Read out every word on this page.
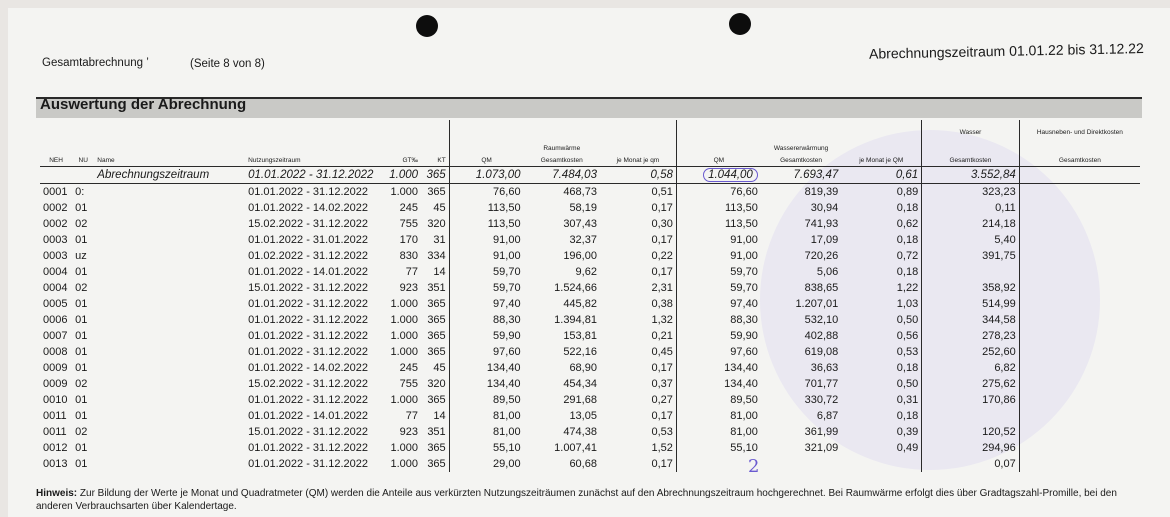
Gesamtabrechnung ’	(Seite 8 von 8)
Abrechnungszeitraum 01.01.22 bis 31.12.22
Auswertung der Abrechnung
												Wasser	Hausneben- und Direktkosten
							Raumwärme			Wassererwärmung			
NEH	NU	Name	Nutzungszeitraum	GT‰	KT	QM	Gesamtkosten	je Monat je qm	QM	Gesamtkosten	je Monat je QM	Gesamtkosten	Gesamtkosten
		Abrechnungszeitraum	01.01.2022 - 31.12.2022	1.000	365	1.073,00	7.484,03	0,58	1.044,00	7.693,47	0,61	3.552,84	
0001	0:		01.01.2022 - 31.12.2022	1.000	365	76,60	468,73	0,51	76,60	819,39	0,89	323,23	
0002	01		01.01.2022 - 14.02.2022	245	45	113,50	58,19	0,17	113,50	30,94	0,18	0,11	
0002	02		15.02.2022 - 31.12.2022	755	320	113,50	307,43	0,30	113,50	741,93	0,62	214,18	
0003	01		01.01.2022 - 31.01.2022	170	31	91,00	32,37	0,17	91,00	17,09	0,18	5,40	
0003	uz		01.02.2022 - 31.12.2022	830	334	91,00	196,00	0,22	91,00	720,26	0,72	391,75	
0004	01		01.01.2022 - 14.01.2022	77	14	59,70	9,62	0,17	59,70	5,06	0,18		
0004	02		15.01.2022 - 31.12.2022	923	351	59,70	1.524,66	2,31	59,70	838,65	1,22	358,92	
0005	01		01.01.2022 - 31.12.2022	1.000	365	97,40	445,82	0,38	97,40	1.207,01	1,03	514,99	
0006	01		01.01.2022 - 31.12.2022	1.000	365	88,30	1.394,81	1,32	88,30	532,10	0,50	344,58	
0007	01		01.01.2022 - 31.12.2022	1.000	365	59,90	153,81	0,21	59,90	402,88	0,56	278,23	
0008	01		01.01.2022 - 31.12.2022	1.000	365	97,60	522,16	0,45	97,60	619,08	0,53	252,60	
0009	01		01.01.2022 - 14.02.2022	245	45	134,40	68,90	0,17	134,40	36,63	0,18	6,82	
0009	02		15.02.2022 - 31.12.2022	755	320	134,40	454,34	0,37	134,40	701,77	0,50	275,62	
0010	01		01.01.2022 - 31.12.2022	1.000	365	89,50	291,68	0,27	89,50	330,72	0,31	170,86	
0011	01		01.01.2022 - 14.01.2022	77	14	81,00	13,05	0,17	81,00	6,87	0,18		
0011	02		15.01.2022 - 31.12.2022	923	351	81,00	474,38	0,53	81,00	361,99	0,39	120,52	
0012	01		01.01.2022 - 31.12.2022	1.000	365	55,10	1.007,41	1,52	55,10	321,09	0,49	294,96	
0013	01		01.01.2022 - 31.12.2022	1.000	365	29,00	60,68	0,17				0,07	
2
Hinweis: Zur Bildung der Werte je Monat und Quadratmeter (QM) werden die Anteile aus verkürzten Nutzungszeiträumen zunächst auf den Abrechnungszeitraum hochgerechnet. Bei Raumwärme erfolgt dies über Gradtagszahl-Promille, bei den anderen Verbrauchsarten über Kalendertage.
